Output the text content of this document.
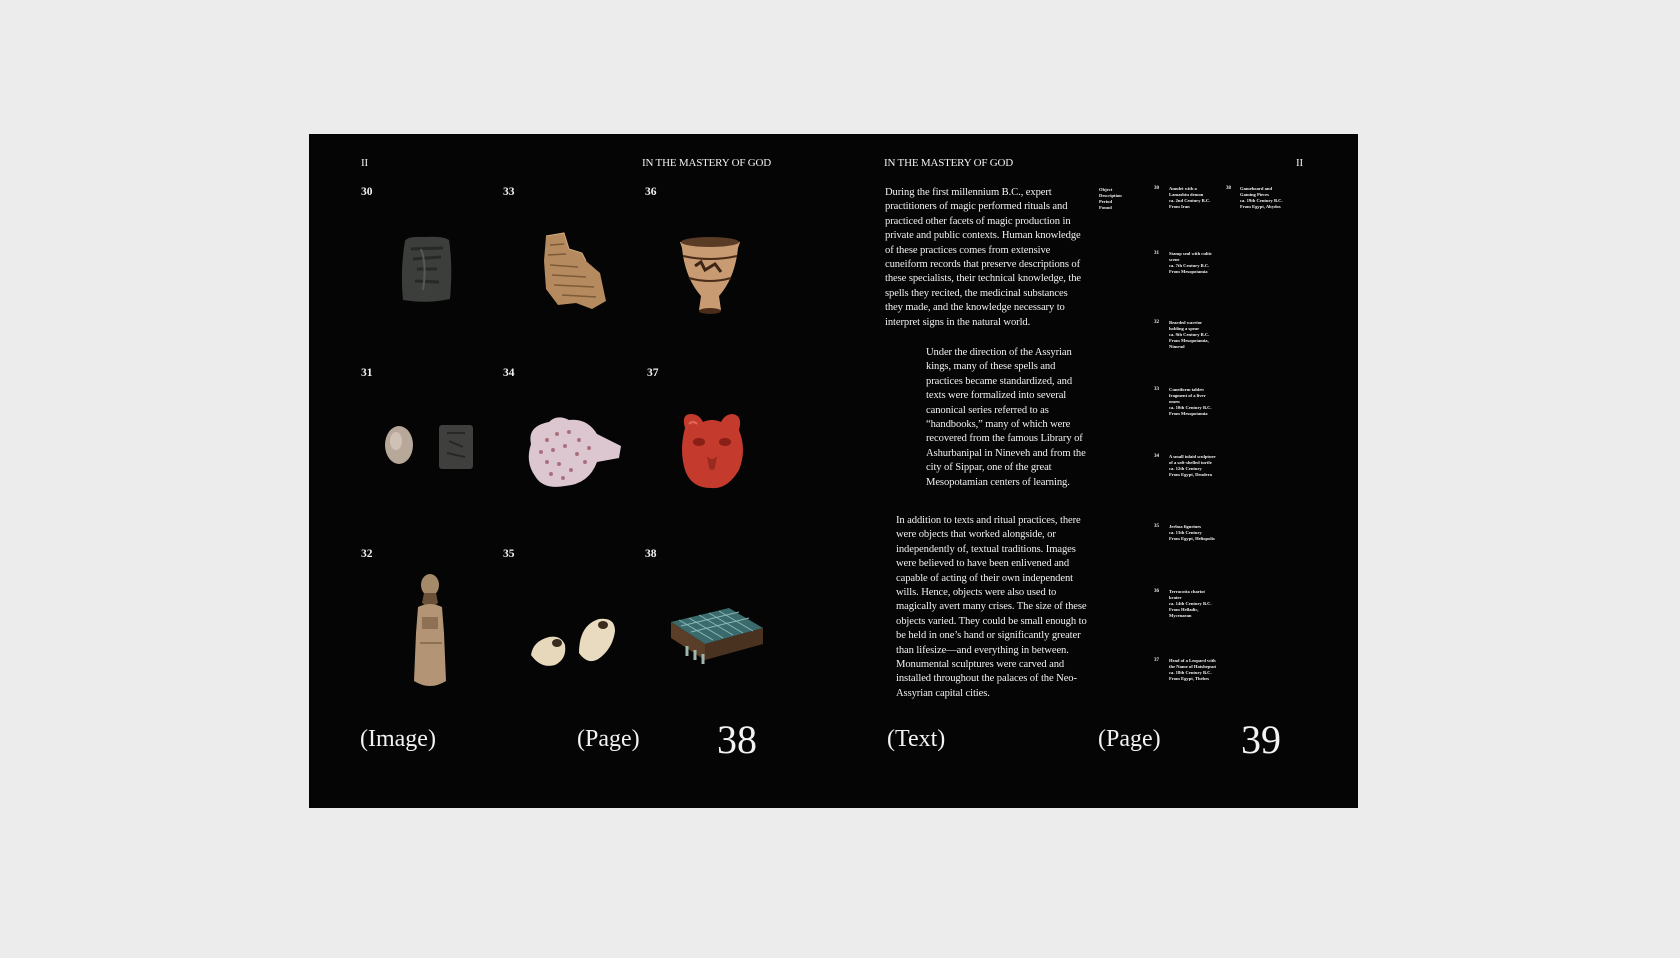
II	IN THE MASTERY OF GOD
30
31
32
33
34
35
36
37
38
(Image)	(Page) 38
IN THE MASTERY OF GOD	II
During the first millennium B.C., expert practitioners of magic performed rituals and practiced other facets of magic production in private and public contexts. Human knowledge of these practices comes from extensive cuneiform records that preserve descriptions of these specialists, their technical knowledge, the spells they recited, the medicinal substances they made, and the knowledge necessary to interpret signs in the natural world.
Under the direction of the Assyrian kings, many of these spells and practices became standardized, and texts were formalized into several canonical series referred to as “handbooks,” many of which were recovered from the famous Library of Ashurbanipal in Nineveh and from the city of Sippar, one of the great Mesopotamian centers of learning.
In addition to texts and ritual practices, there were objects that worked alongside, or independently of, textual traditions. Images were believed to have been enlivened and capable of acting of their own independent wills. Hence, objects were also used to magically avert many crises. The size of these objects varied. They could be small enough to be held in one’s hand or significantly greater than lifesize—and everything in between. Monumental sculptures were carved and installed throughout the palaces of the Neo-Assyrian capital cities.
Object
Description
Period
Found
30 Amulet with a
Lamashtu demon
ca. 2nd Century B.C.
From Iran
31 Stamp seal with cultic
scene
ca. 7th Century B.C.
From Mesopotamia
32 Bearded warrior
holding a spear
ca. 9th Century B.C.
From Mesopotamia,
Nimrud
33 Cuneiform tablet:
fragment of a liver
omen
ca. 10th Century B.C.
From Mesopotamia
34 A small inlaid sculpture
of a soft-shelled turtle
ca. 12th Century
From Egypt, Dendera
35 Jerboa figurines
ca. 13th Century
From Egypt, Heliopolis
36 Terracotta chariot
krater
ca. 14th Century B.C.
From Helladic,
Mycenaean
37 Head of a Leopard with
the Name of Hatshepsut
ca. 18th Century B.C.
From Egypt, Thebes
38 Gameboard and
Gaming Pieces
ca. 19th Century B.C.
From Egypt, Abydos
(Text)	(Page) 39
